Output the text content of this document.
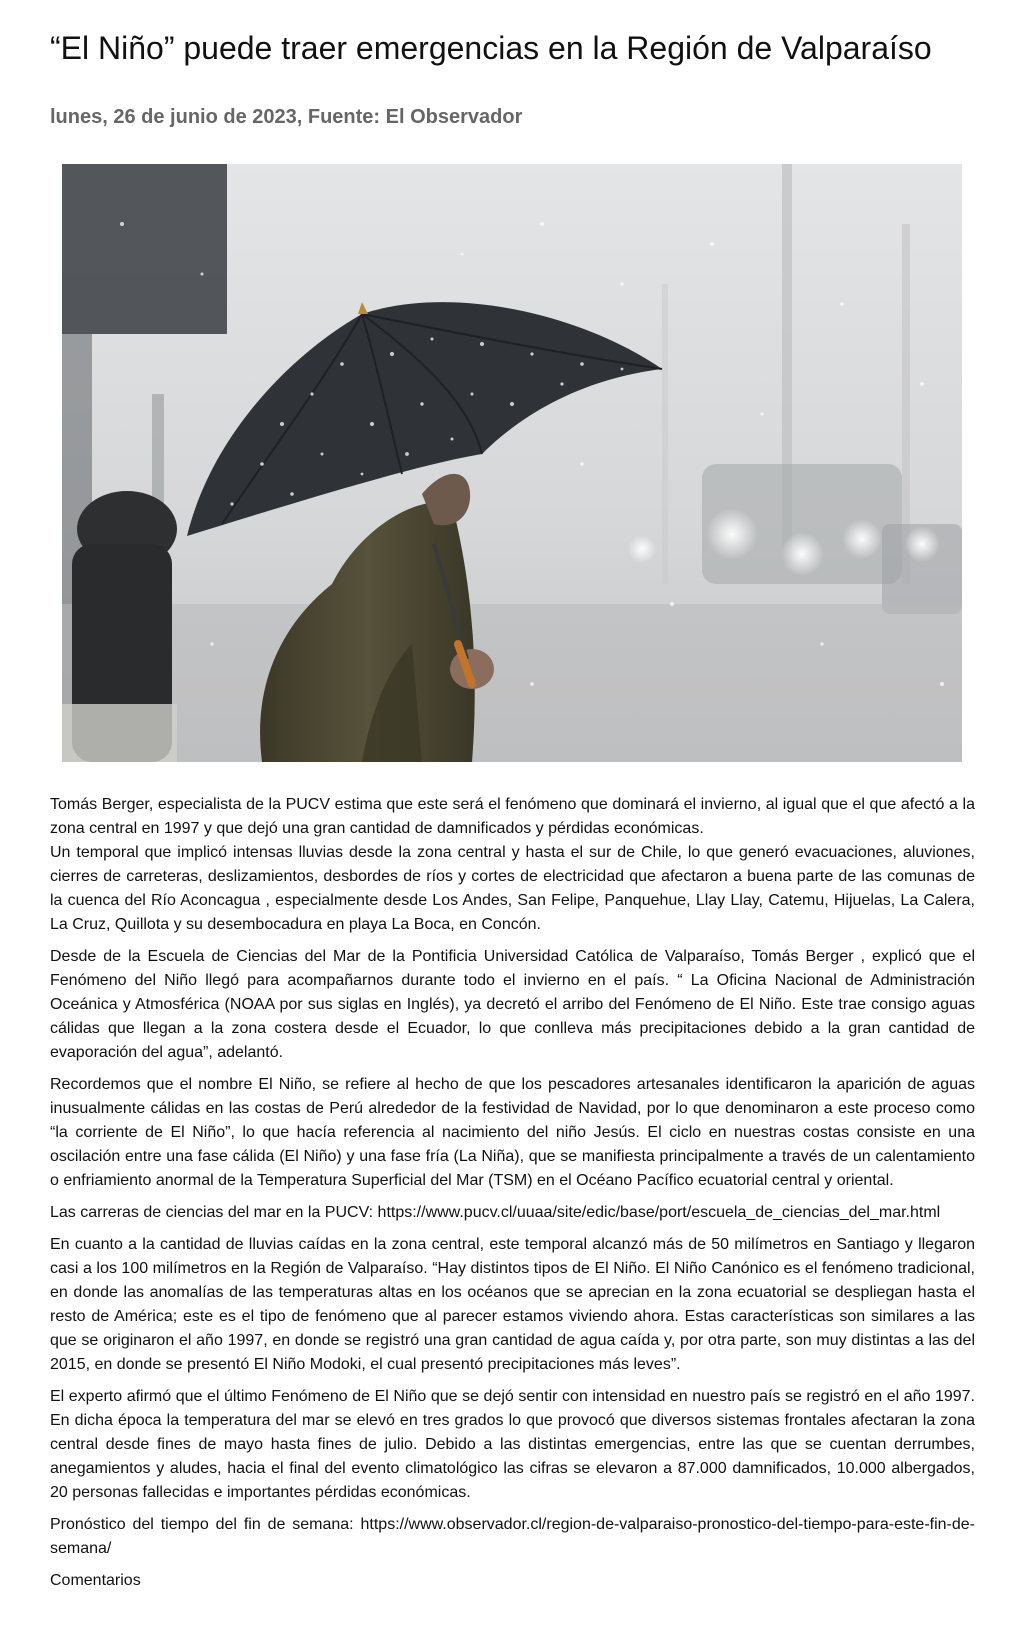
“El Niño” puede traer emergencias en la Región de Valparaíso

lunes, 26 de junio de 2023, Fuente: El Observador

Tomás Berger, especialista de la PUCV estima que este será el fenómeno que dominará el invierno, al igual que el que afectó a la zona central en 1997 y que dejó una gran cantidad de damnificados y pérdidas económicas.

Un temporal que implicó intensas lluvias desde la zona central y hasta el sur de Chile, lo que generó evacuaciones, aluviones, cierres de carreteras, deslizamientos, desbordes de ríos y cortes de electricidad que afectaron a buena parte de las comunas de la cuenca del Río Aconcagua , especialmente desde Los Andes, San Felipe, Panquehue, Llay Llay, Catemu, Hijuelas, La Calera, La Cruz, Quillota y su desembocadura en playa La Boca, en Concón.

Desde de la Escuela de Ciencias del Mar de la Pontificia Universidad Católica de Valparaíso, Tomás Berger , explicó que el Fenómeno del Niño llegó para acompañarnos durante todo el invierno en el país. “ La Oficina Nacional de Administración Oceánica y Atmosférica (NOAA por sus siglas en Inglés), ya decretó el arribo del Fenómeno de El Niño. Este trae consigo aguas cálidas que llegan a la zona costera desde el Ecuador, lo que conlleva más precipitaciones debido a la gran cantidad de evaporación del agua”, adelantó.

Recordemos que el nombre El Niño, se refiere al hecho de que los pescadores artesanales identificaron la aparición de aguas inusualmente cálidas en las costas de Perú alrededor de la festividad de Navidad, por lo que denominaron a este proceso como “la corriente de El Niño”, lo que hacía referencia al nacimiento del niño Jesús. El ciclo en nuestras costas consiste en una oscilación entre una fase cálida (El Niño) y una fase fría (La Niña), que se manifiesta principalmente a través de un calentamiento o enfriamiento anormal de la Temperatura Superficial del Mar (TSM) en el Océano Pacífico ecuatorial central y oriental.

Las carreras de ciencias del mar en la PUCV: https://www.pucv.cl/uuaa/site/edic/base/port/escuela_de_ciencias_del_mar.html

En cuanto a la cantidad de lluvias caídas en la zona central, este temporal alcanzó más de 50 milímetros en Santiago y llegaron casi a los 100 milímetros en la Región de Valparaíso. “Hay distintos tipos de El Niño. El Niño Canónico es el fenómeno tradicional, en donde las anomalías de las temperaturas altas en los océanos que se aprecian en la zona ecuatorial se despliegan hasta el resto de América; este es el tipo de fenómeno que al parecer estamos viviendo ahora. Estas características son similares a las que se originaron el año 1997, en donde se registró una gran cantidad de agua caída y, por otra parte, son muy distintas a las del 2015, en donde se presentó El Niño Modoki, el cual presentó precipitaciones más leves”.

El experto afirmó que el último Fenómeno de El Niño que se dejó sentir con intensidad en nuestro país se registró en el año 1997. En dicha época la temperatura del mar se elevó en tres grados lo que provocó que diversos sistemas frontales afectaran la zona central desde fines de mayo hasta fines de julio. Debido a las distintas emergencias, entre las que se cuentan derrumbes, anegamientos y aludes, hacia el final del evento climatológico las cifras se elevaron a 87.000 damnificados, 10.000 albergados, 20 personas fallecidas e importantes pérdidas económicas.

Pronóstico del tiempo del fin de semana: https://www.observador.cl/region-de-valparaiso-pronostico-del-tiempo-para-este-fin-de-semana/

Comentarios
